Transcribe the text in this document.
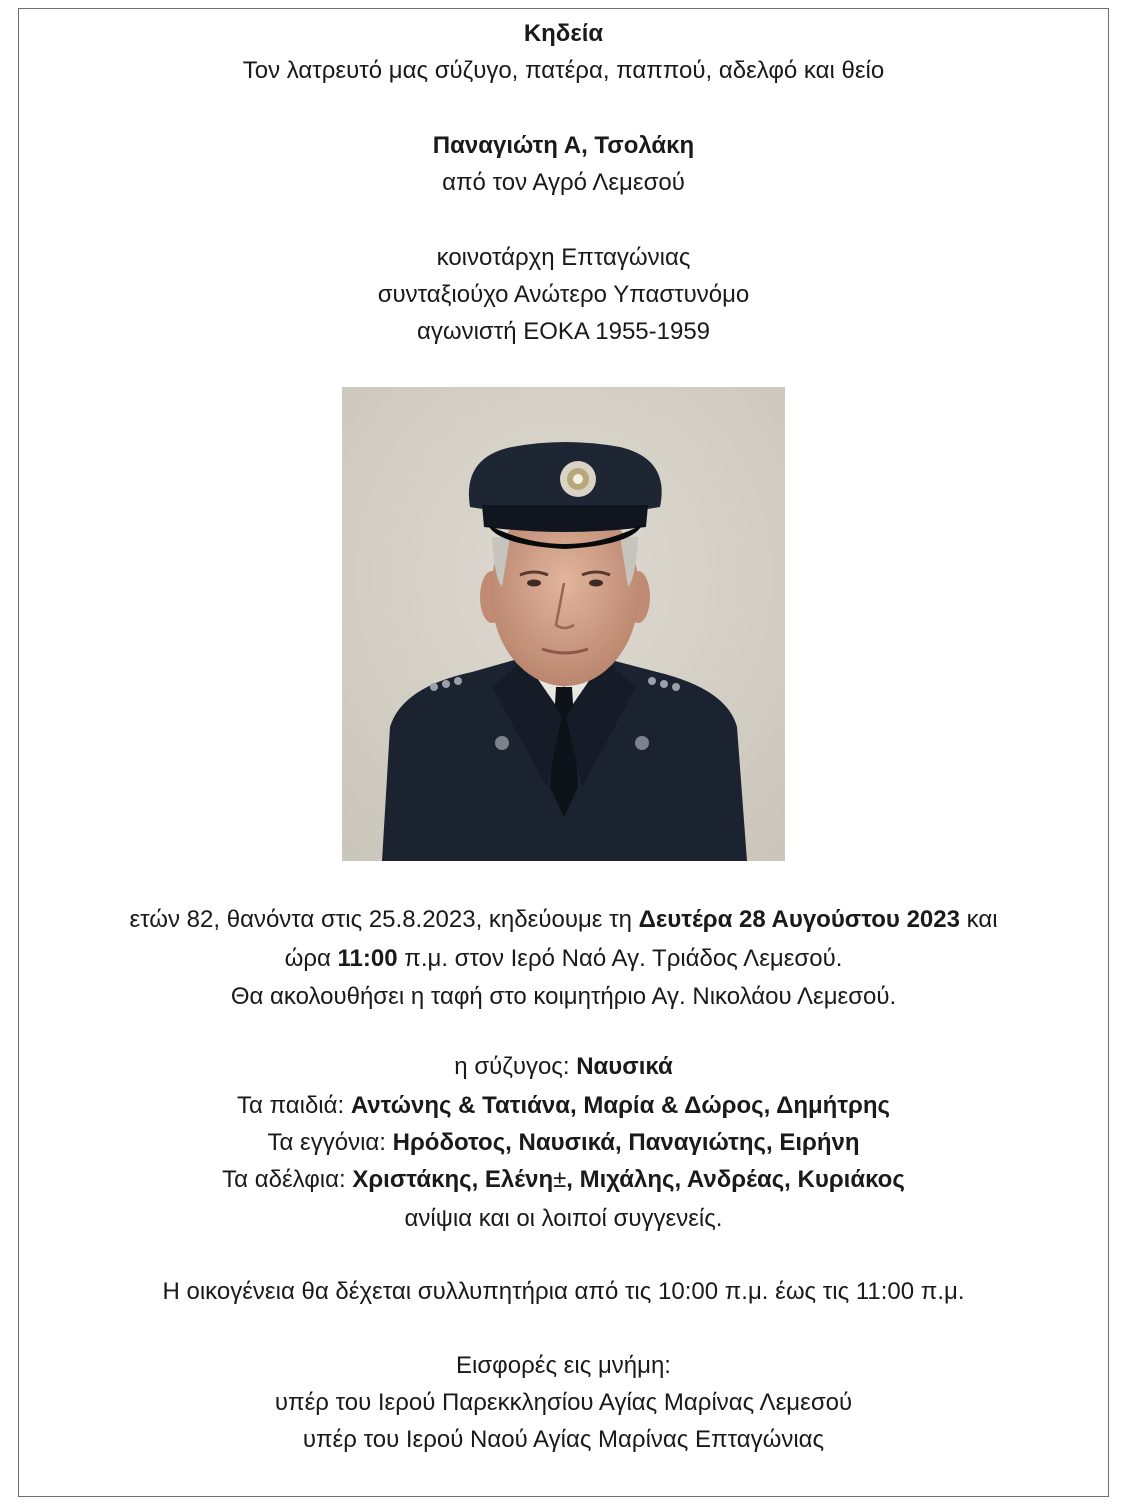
Κηδεία
Τον λατρευτό μας σύζυγο, πατέρα, παππού, αδελφό και θείο
Παναγιώτη Α, Τσολάκη
από τον Αγρό Λεμεσού
κοινοτάρχη Επταγώνιας
συνταξιούχο Ανώτερο Υπαστυνόμο
αγωνιστή ΕΟΚΑ 1955-1959
ετών 82, θανόντα στις 25.8.2023, κηδεύουμε τη Δευτέρα 28 Αυγούστου 2023 και
ώρα 11:00 π.μ. στον Ιερό Ναό Αγ. Τριάδος Λεμεσού.
Θα ακολουθήσει η ταφή στο κοιμητήριο Αγ. Νικολάου Λεμεσού.
η σύζυγος: Ναυσικά
Τα παιδιά: Αντώνης & Τατιάνα, Μαρία & Δώρος, Δημήτρης
Τα εγγόνια: Ηρόδοτος, Ναυσικά, Παναγιώτης, Ειρήνη
Τα αδέλφια: Χριστάκης, Ελένη±, Μιχάλης, Ανδρέας, Κυριάκος
ανίψια και οι λοιποί συγγενείς.
Η οικογένεια θα δέχεται συλλυπητήρια από τις 10:00 π.μ. έως τις 11:00 π.μ.
Εισφορές εις μνήμη:
υπέρ του Ιερού Παρεκκλησίου Αγίας Μαρίνας Λεμεσού
υπέρ του Ιερού Ναού Αγίας Μαρίνας Επταγώνιας
